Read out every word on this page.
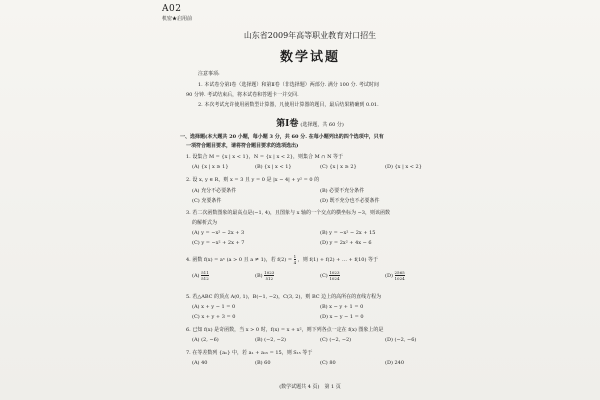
A02
机密★启用前
山东省2009年高等职业教育对口招生
数学试题
注意事项:
1. 本试卷分第Ⅰ卷（选择题）和第Ⅱ卷（非选择题）两部分. 满分 100 分. 考试时间
90 分钟. 考试结束后，将本试卷和答题卡一并交回.
2. 本次考试允许使用函数型计算器，凡使用计算器的题目，最后结果精确到 0.01.
第Ⅰ卷 (选择题，共 60 分)
一、选择题(本大题共 20 小题，每小题 3 分，共 60 分. 在每小题列出的四个选项中，只有
一项符合题目要求，请将符合题目要求的选项选出)
1. 设集合 M = {x | x < 1}，N = {x | x < 2}，则集合 M ∩ N 等于
(A) {x | x ≥ 1}	(B) {x | x < 1}	(C) {x | x ≥ 2}	(D) {x | x < 2}
2. 设 x, y ∈ R，则 x = 3 且 y = 0 是 |x − 4| + y² = 0 的
(A) 充分不必要条件	(B) 必要不充分条件
(C) 充要条件	(D) 既不充分也不必要条件
3. 若二次函数图象的最高点是(−1, 4)，且图象与 x 轴的一个交点的横坐标为 −3，则该函数
的解析式为
(A) y = −x² − 2x + 3	(B) y = −x² − 2x + 15
(C) y = −x² + 2x + 7	(D) y = 2x² + 4x − 6
4. 函数 f(x) = aˣ (a > 0 且 a ≠ 1)，若 $f(2) = \frac{1}{4}$ ，则 f(1) + f(2) + … + f(10) 等于
$(A) \frac{511}{512}$	$(B) \frac{1023}{512}$	$(C) \frac{1023}{1024}$	$(D) \frac{2565}{1024}$
5. 若△ABC 的顶点 A(0, 1)，B(−1, −2)，C(3, 2)，则 BC 边上的高所在的直线方程为
(A) x + y − 1 = 0	(B) x − y + 1 = 0
(C) x + y + 3 = 0	(D) x − y − 1 = 0
6. 已知 f(x) 是奇函数，当 x > 0 时，f(x) = x + x²，则下列各点一定在 f(x) 图象上的是
(A) (2, −6)	(B) (−2, −2)	(C) (−2, −2)	(D) (−2, −6)
7. 在等差数列 {aₙ} 中，若 a₁ + a₁₅ = 15，则 S₁₅ 等于
(A) 40	(B) 60	(C) 80	(D) 240
(数学试题共 4 页)　第 1 页
